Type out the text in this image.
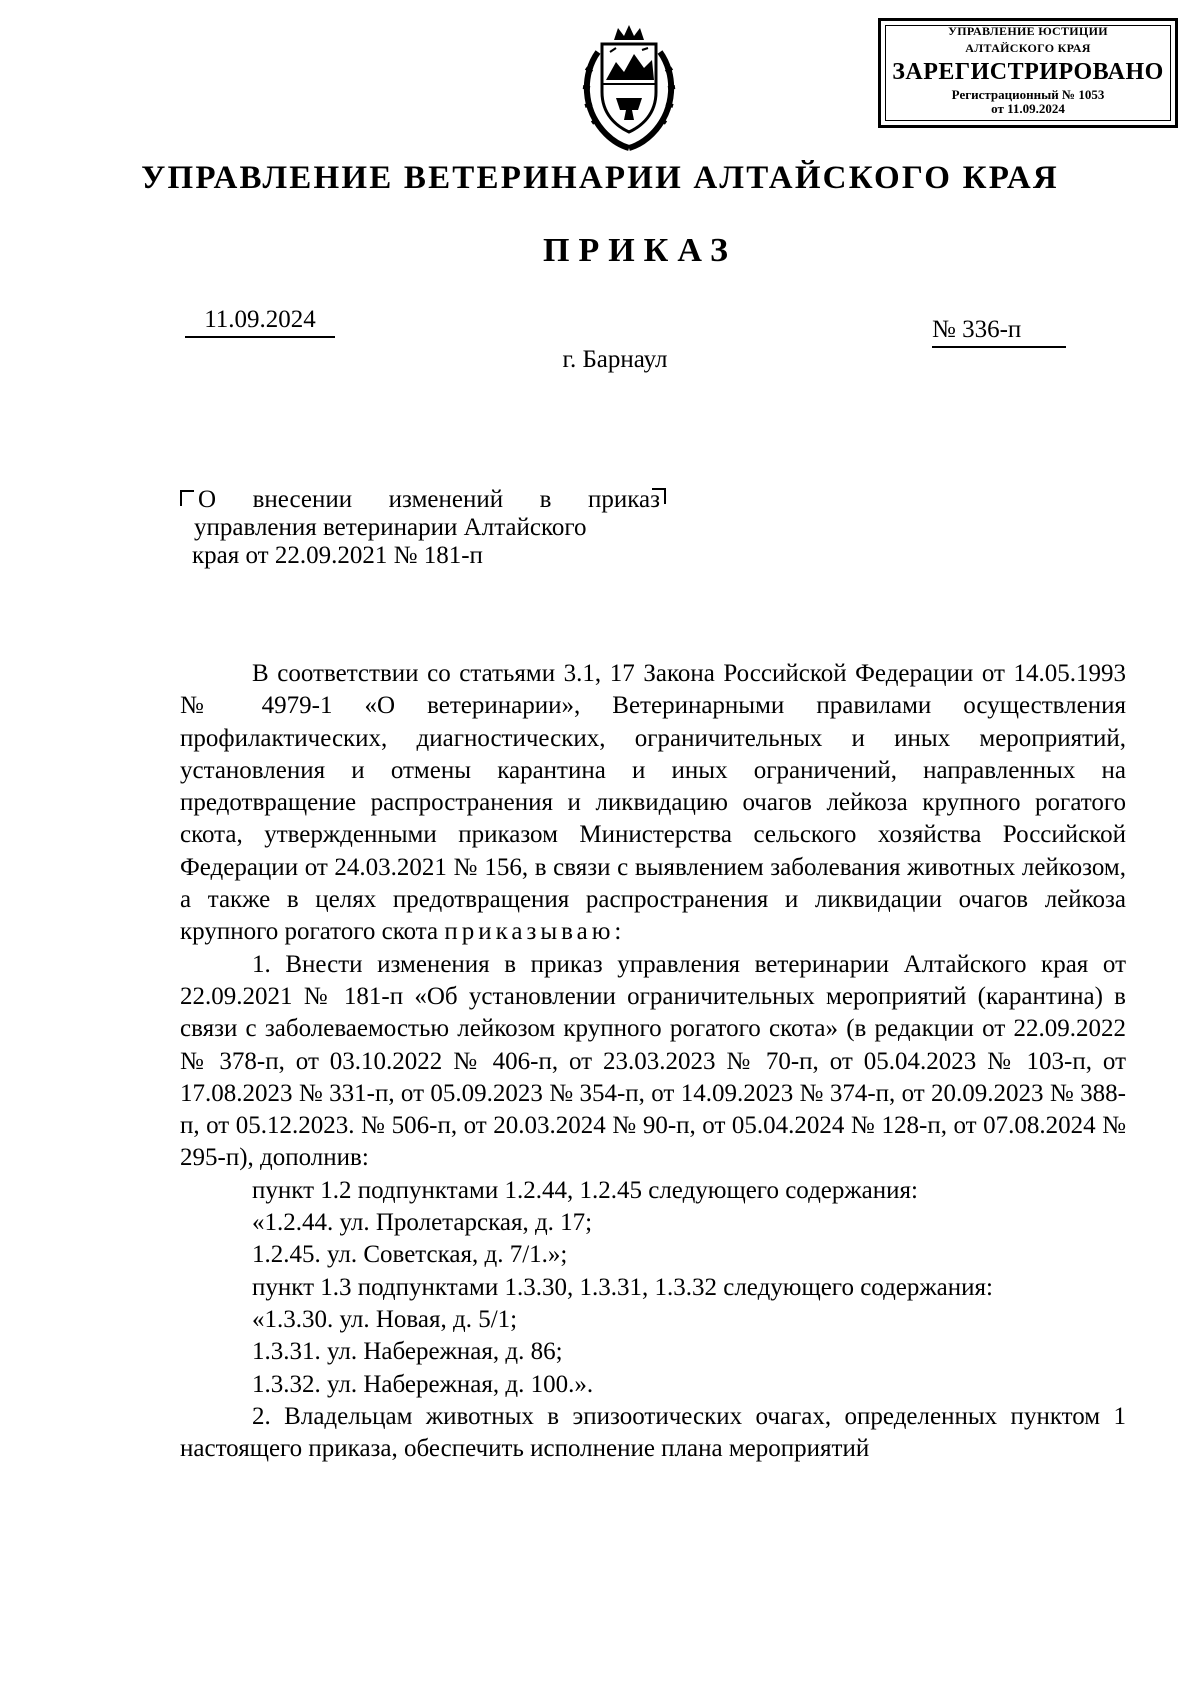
УПРАВЛЕНИЕ ЮСТИЦИИ
АЛТАЙСКОГО КРАЯ
ЗАРЕГИСТРИРОВАНО
Регистрационный № 1053
от 11.09.2024
УПРАВЛЕНИЕ ВЕТЕРИНАРИИ АЛТАЙСКОГО КРАЯ
ПРИКАЗ
11.09.2024	№ 336-п
г. Барнаул
О внесении изменений в приказ
управления ветеринарии Алтайского
края от 22.09.2021 № 181-п

В соответствии со статьями 3.1, 17 Закона Российской Федерации от 14.05.1993 № 4979-1 «О ветеринарии», Ветеринарными правилами осуществления профилактических, диагностических, ограничительных и иных мероприятий, установления и отмены карантина и иных ограничений, направленных на предотвращение распространения и ликвидацию очагов лейкоза крупного рогатого скота, утвержденными приказом Министерства сельского хозяйства Российской Федерации от 24.03.2021 № 156, в связи с выявлением заболевания животных лейкозом, а также в целях предотвращения распространения и ликвидации очагов лейкоза крупного рогатого скота приказываю:

1. Внести изменения в приказ управления ветеринарии Алтайского края от 22.09.2021 № 181-п «Об установлении ограничительных мероприятий (карантина) в связи с заболеваемостью лейкозом крупного рогатого скота» (в редакции от 22.09.2022 № 378-п, от 03.10.2022 № 406-п, от 23.03.2023 № 70-п, от 05.04.2023 № 103-п, от 17.08.2023 № 331-п, от 05.09.2023 № 354-п, от 14.09.2023 № 374-п, от 20.09.2023 № 388-п, от 05.12.2023. № 506-п, от 20.03.2024 № 90-п, от 05.04.2024 № 128-п, от 07.08.2024 № 295-п), дополнив:

пункт 1.2 подпунктами 1.2.44, 1.2.45 следующего содержания:

«1.2.44. ул. Пролетарская, д. 17;

1.2.45. ул. Советская, д. 7/1.»;

пункт 1.3 подпунктами 1.3.30, 1.3.31, 1.3.32 следующего содержания:

«1.3.30. ул. Новая, д. 5/1;

1.3.31. ул. Набережная, д. 86;

1.3.32. ул. Набережная, д. 100.».

2. Владельцам животных в эпизоотических очагах, определенных пунктом 1 настоящего приказа, обеспечить исполнение плана мероприятий
